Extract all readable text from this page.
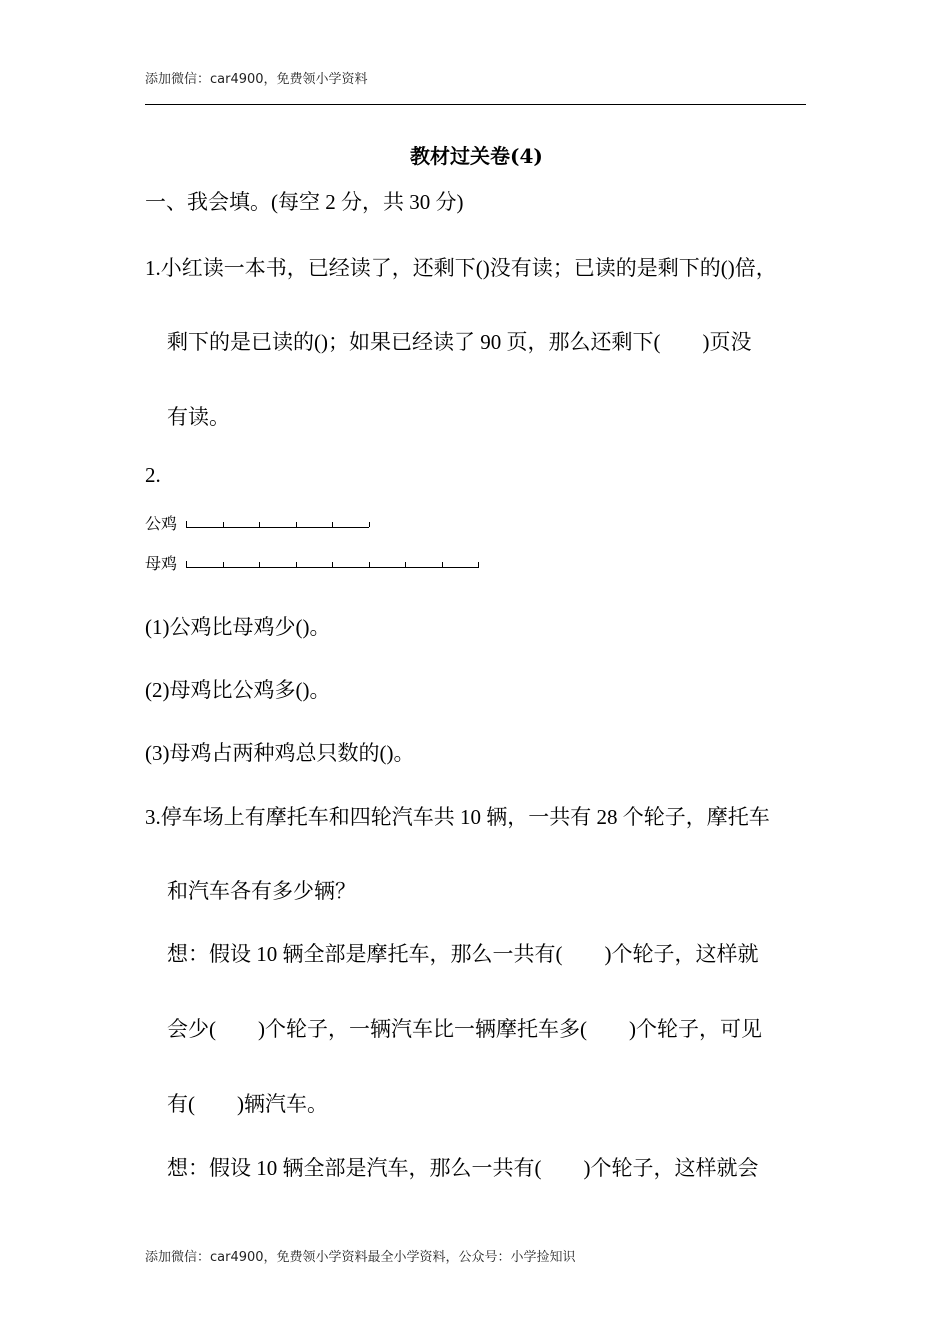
添加微信：car4900，免费领小学资料
教材过关卷(4)
一、我会填。(每空 2 分，共 30 分)
1.小红读一本书，已经读了，还剩下()没有读；已读的是剩下的()倍，
剩下的是已读的()；如果已经读了 90 页，那么还剩下(　　)页没
有读。
2.
公鸡
母鸡
(1)公鸡比母鸡少()。
(2)母鸡比公鸡多()。
(3)母鸡占两种鸡总只数的()。
3.停车场上有摩托车和四轮汽车共 10 辆，一共有 28 个轮子，摩托车
和汽车各有多少辆？
想：假设 10 辆全部是摩托车，那么一共有(　　)个轮子，这样就
会少(　　)个轮子，一辆汽车比一辆摩托车多(　　)个轮子，可见
有(　　)辆汽车。
想：假设 10 辆全部是汽车，那么一共有(　　)个轮子，这样就会
添加微信：car4900，免费领小学资料最全小学资料，公众号：小学捡知识
